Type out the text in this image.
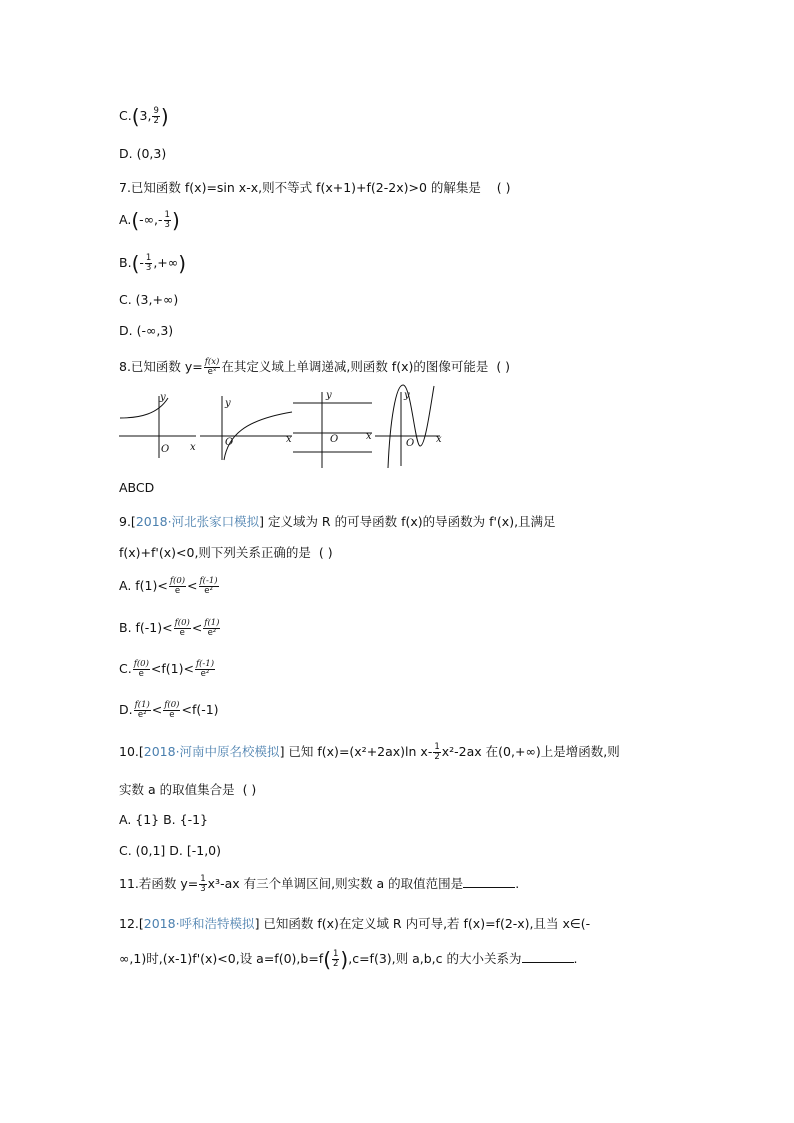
C.(3, $\frac{9}{2}$ )
D. (0,3)
7.已知函数 f(x)=sin x-x,则不等式 f(x+1)+f(2-2x)>0 的解集是 ( )
$A.(-\infty,- \frac{1}{3}$ )
$B.(- \frac{1}{3}$ ,+∞)
C. (3,+∞)
D. (-∞,3)
8.已知函数 $y= \frac{f(x)}{\text{eˣ}}$ 在其定义域上单调递减,则函数 f(x)的图像可能是 ( )
y
O x
y
O	x
y
O	x
y
O x
ABCD
9.[2018·河北张家口模拟] 定义域为 R 的可导函数 f(x)的导函数为 f'(x),且满足
f(x)+f'(x)<0,则下列关系正确的是 ( )
A. $f(1)< \frac{f(0)}{e} < \frac{f(-1)}{\text{e²}}$
B. $f(-1)< \frac{f(0)}{e} < \frac{f(1)}{\text{e²}}$
C. $\frac{f(0)}{e} <f(1)< \frac{f(-1)}{\text{e²}}$
D. $\frac{f(1)}{\text{e²}} < \frac{f(0)}{e} <f(-1)$
10.[2018·河南中原名校模拟] 已知 f(x)=(x²+2ax)ln $x- \frac{1}{2} x^2-2ax$ 在(0,+∞)上是增函数,则
实数 a 的取值集合是 ( )
A. {1} B. {-1}
C. (0,1] D. [-1,0)
11.若函数 $y= \frac{1}{3} x^3-ax$ 有三个单调区间,则实数 a 的取值范围是	.
12.[2018·呼和浩特模拟] 已知函数 f(x)在定义域 R 内可导,若 f(x)=f(2-x),且当 x∈(-
∞,1)时,(x-1)f'(x)<0,设 $a=f(0),b=f( \frac{1}{2} ),c=f(3)$,则 a,b,c 的大小关系为	.
